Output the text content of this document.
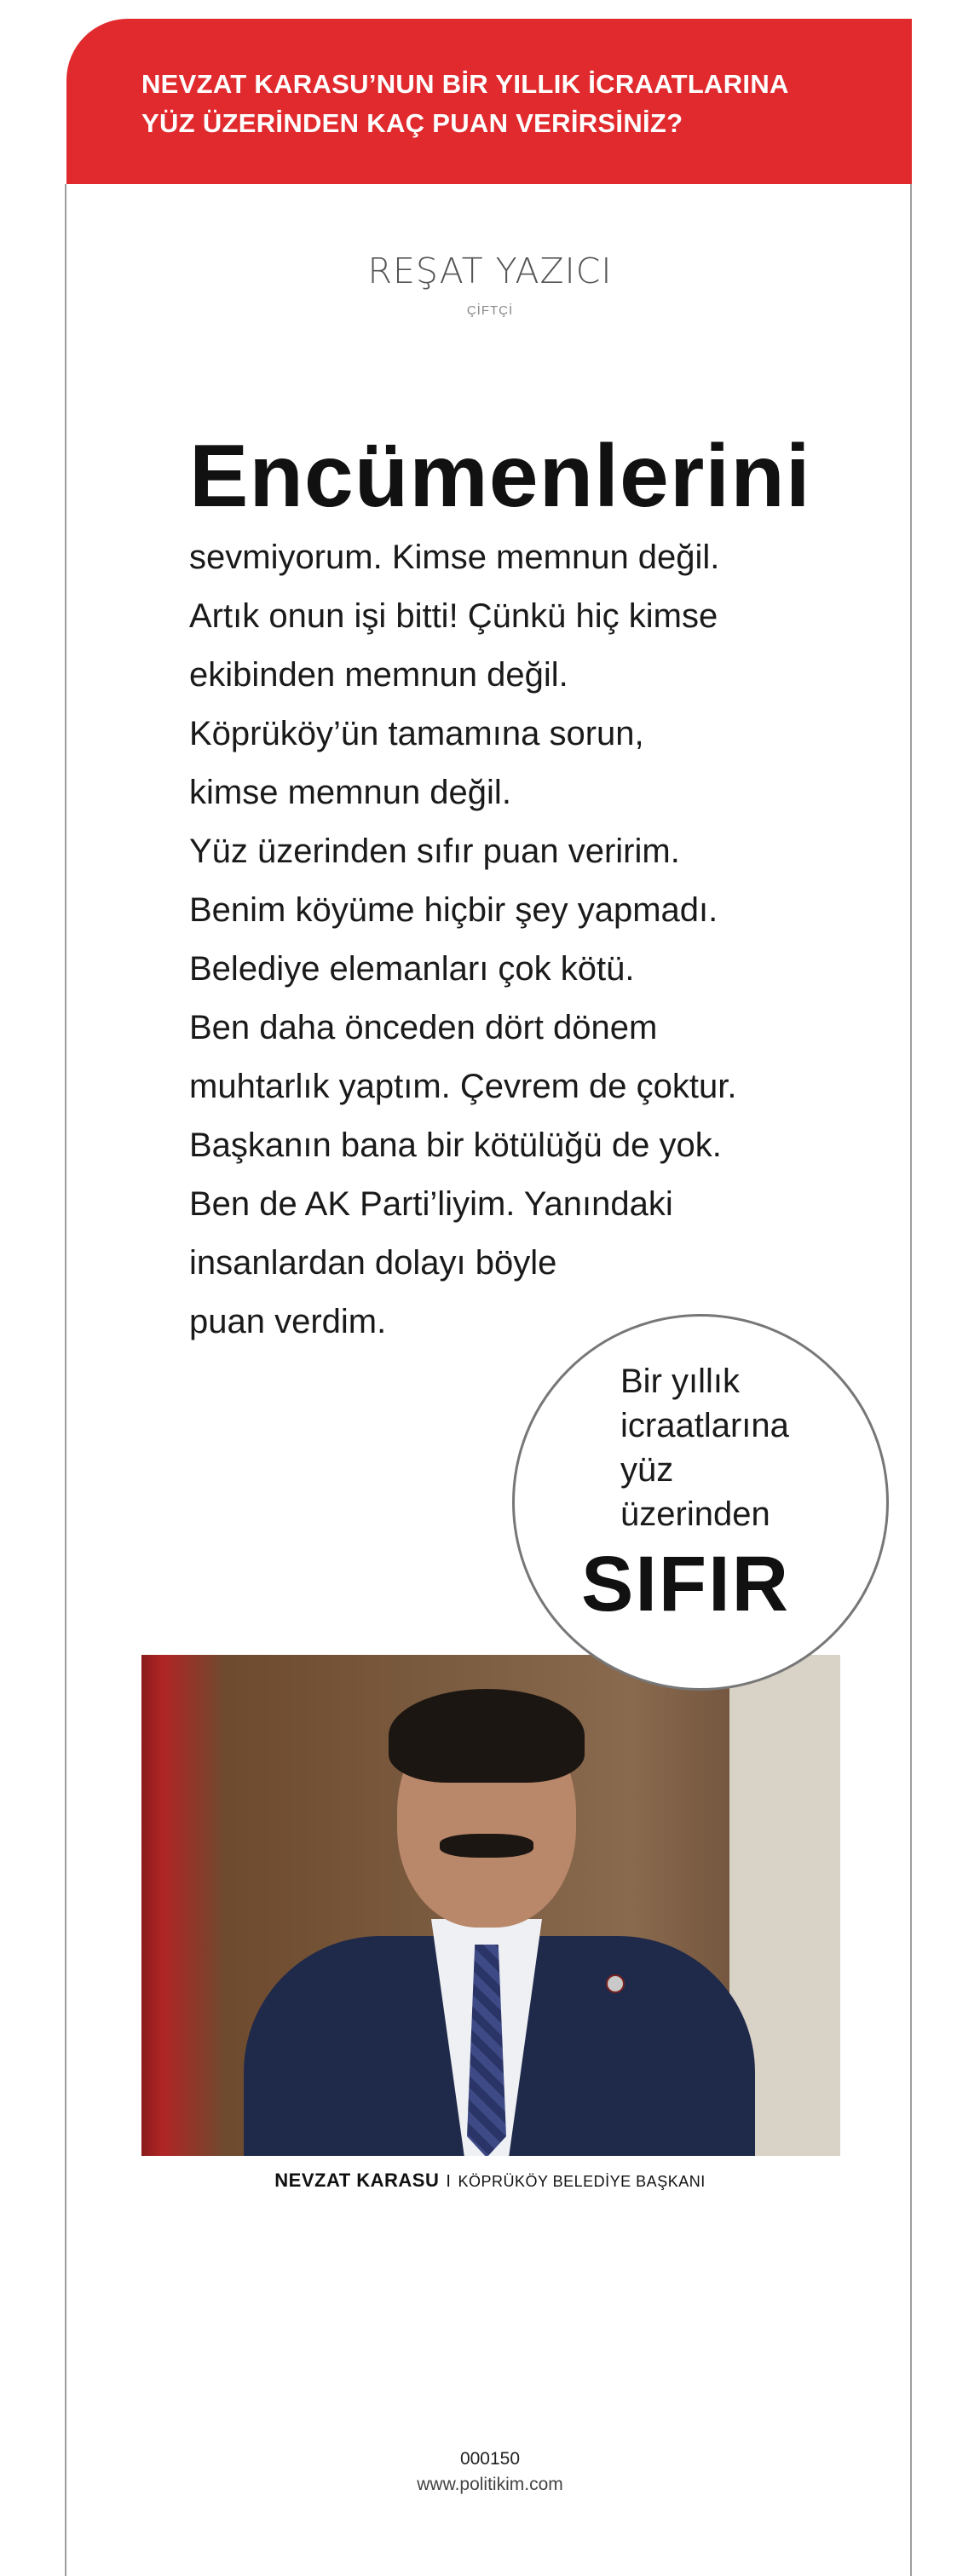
NEVZAT KARASU’NUN BİR YILLIK İCRAATLARINA
YÜZ ÜZERİNDEN KAÇ PUAN VERİRSİNİZ?
REŞAT YAZICI
ÇİFTÇİ
Encümenlerini
sevmiyorum. Kimse memnun değil.
Artık onun işi bitti! Çünkü hiç kimse
ekibinden memnun değil.
Köprüköy’ün tamamına sorun,
kimse memnun değil.
Yüz üzerinden sıfır puan veririm.
Benim köyüme hiçbir şey yapmadı.
Belediye elemanları çok kötü.
Ben daha önceden dört dönem
muhtarlık yaptım. Çevrem de çoktur.
Başkanın bana bir kötülüğü de yok.
Ben de AK Parti’liyim. Yanındaki
insanlardan dolayı böyle
puan verdim.
Bir yıllık
icraatlarına
yüz
üzerinden
SIFIR
NEVZAT KARASU I KÖPRÜKÖY BELEDİYE BAŞKANI
000150
www.politikim.com
